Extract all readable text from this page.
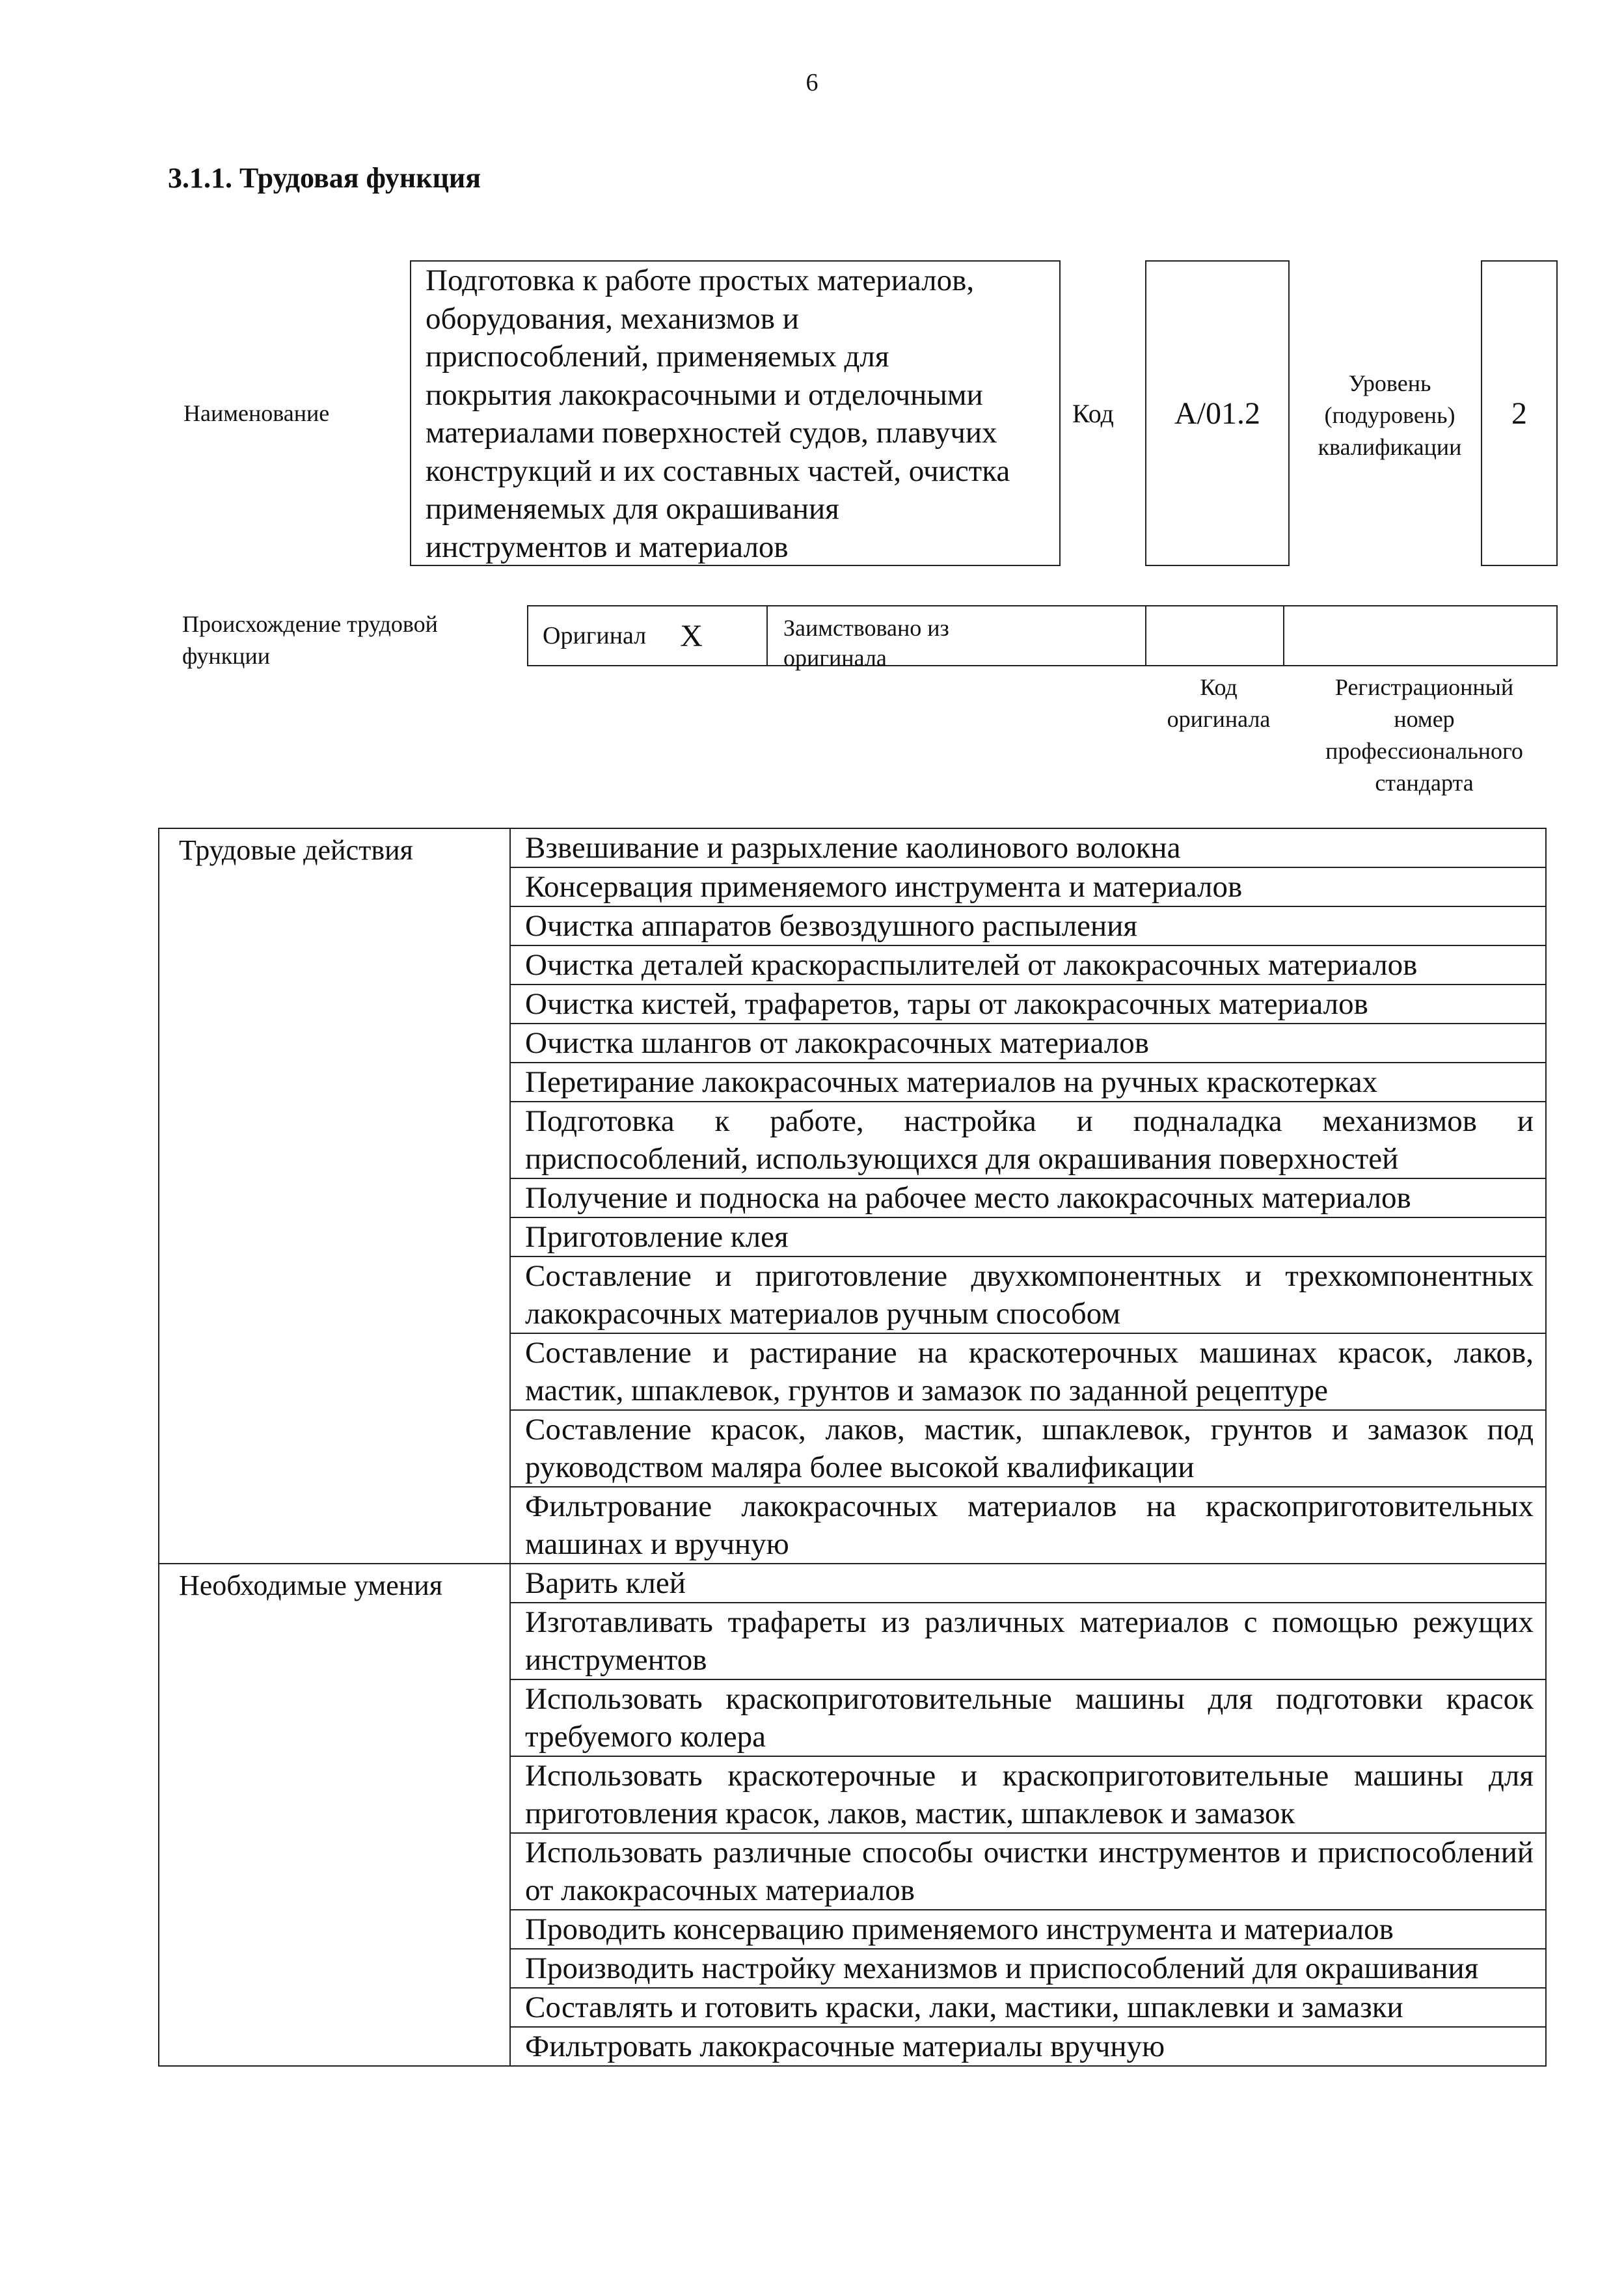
6
3.1.1. Трудовая функция
Наименование
Подготовка к работе простых материалов,
оборудования, механизмов и
приспособлений, применяемых для
покрытия лакокрасочными и отделочными
материалами поверхностей судов, плавучих
конструкций и их составных частей, очистка
применяемых для окрашивания
инструментов и материалов
Код A/01.2
Уровень
(подуровень)
квалификации
2
Происхождение трудовой
функции
Оригинал X	Заимствовано из
оригинала
Код
оригинала
Регистрационный
номер
профессионального
стандарта
Трудовые действия	Взвешивание и разрыхление каолинового волокна
	Консервация применяемого инструмента и материалов
	Очистка аппаратов безвоздушного распыления
	Очистка деталей краскораспылителей от лакокрасочных материалов
	Очистка кистей, трафаретов, тары от лакокрасочных материалов
	Очистка шлангов от лакокрасочных материалов
	Перетирание лакокрасочных материалов на ручных краскотерках
	Подготовка к работе, настройка и подналадка механизмов и приспособлений, использующихся для окрашивания поверхностей
	Получение и подноска на рабочее место лакокрасочных материалов
	Приготовление клея
	Составление и приготовление двухкомпонентных и трехкомпонентных лакокрасочных материалов ручным способом
	Составление и растирание на краскотерочных машинах красок, лаков, мастик, шпаклевок, грунтов и замазок по заданной рецептуре
	Составление красок, лаков, мастик, шпаклевок, грунтов и замазок под руководством маляра более высокой квалификации
	Фильтрование лакокрасочных материалов на краскоприготовительных машинах и вручную
Необходимые умения	Варить клей
	Изготавливать трафареты из различных материалов с помощью режущих инструментов
	Использовать краскоприготовительные машины для подготовки красок требуемого колера
	Использовать краскотерочные и краскоприготовительные машины для приготовления красок, лаков, мастик, шпаклевок и замазок
	Использовать различные способы очистки инструментов и приспособлений от лакокрасочных материалов
	Проводить консервацию применяемого инструмента и материалов
	Производить настройку механизмов и приспособлений для окрашивания
	Составлять и готовить краски, лаки, мастики, шпаклевки и замазки
	Фильтровать лакокрасочные материалы вручную
